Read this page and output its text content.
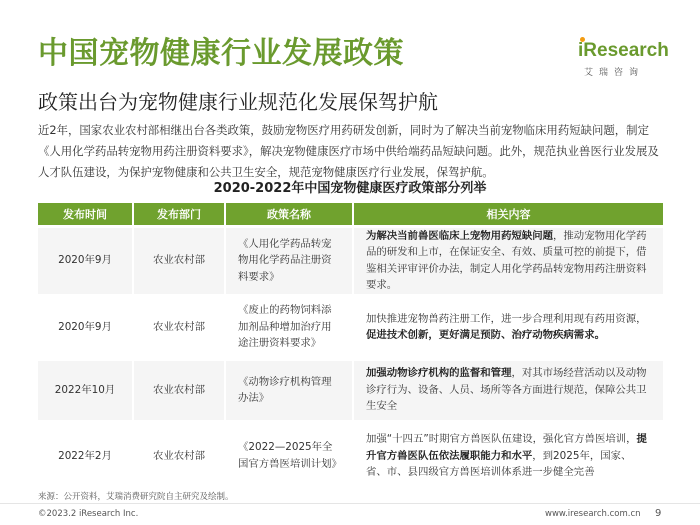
中国宠物健康行业发展政策
政策出台为宠物健康行业规范化发展保驾护航
iResearch
艾瑞咨询
近2年，国家农业农村部相继出台各类政策，鼓励宠物医疗用药研发创新，同时为了解决当前宠物临床用药短缺问题，制定《人用化学药品转宠物用药注册资料要求》，解决宠物健康医疗市场中供给端药品短缺问题。此外，规范执业兽医行业发展及人才队伍建设，为保护宠物健康和公共卫生安全，规范宠物健康医疗行业发展，保驾护航。
2020-2022年中国宠物健康医疗政策部分列举
发布时间	发布部门	政策名称	相关内容
2020年9月	农业农村部	《人用化学药品转宠物用化学药品注册资料要求》	为解决当前兽医临床上宠物用药短缺问题，推动宠物用化学药品的研发和上市，在保证安全、有效、质量可控的前提下，借鉴相关评审评价办法，制定人用化学药品转宠物用药注册资料要求。
2020年9月	农业农村部	《废止的药物饲料添加剂品种增加治疗用途注册资料要求》	加快推进宠物兽药注册工作，进一步合理利用现有药用资源，促进技术创新，更好满足预防、治疗动物疾病需求。
2022年10月	农业农村部	《动物诊疗机构管理办法》	加强动物诊疗机构的监督和管理，对其市场经营活动以及动物诊疗行为、设备、人员、场所等各方面进行规范，保障公共卫生安全
2022年2月	农业农村部	《2022—2025年全国官方兽医培训计划》	加强“十四五”时期官方兽医队伍建设，强化官方兽医培训，提升官方兽医队伍依法履职能力和水平，到2025年，国家、省、市、县四级官方兽医培训体系进一步健全完善
来源：公开资料，艾瑞消费研究院自主研究及绘制。
©2023.2 iResearch Inc.	www.iresearch.com.cn 9
